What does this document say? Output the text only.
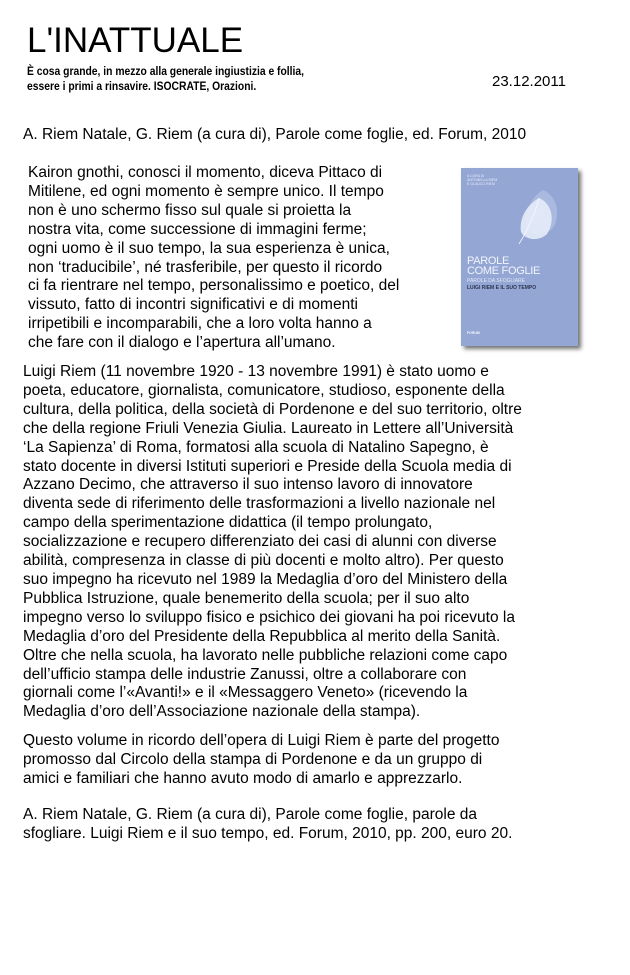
L'INATTUALE
È cosa grande, in mezzo alla generale ingiustizia e follia,
essere i primi a rinsavire. ISOCRATE, Orazioni.	23.12.2011
A. Riem Natale, G. Riem (a cura di), Parole come foglie, ed. Forum, 2010
Kairon gnothi, conosci il momento, diceva Pittaco di
Mitilene, ed ogni momento è sempre unico. Il tempo
non è uno schermo fisso sul quale si proietta la
nostra vita, come successione di immagini ferme;
ogni uomo è il suo tempo, la sua esperienza è unica,
non ‘traducibile’, né trasferibile, per questo il ricordo
ci fa rientrare nel tempo, personalissimo e poetico, del
vissuto, fatto di incontri significativi e di momenti
irripetibili e incomparabili, che a loro volta hanno a
che fare con il dialogo e l’apertura all’umano.
A CURA DI
ANTONELLA RIEM
E GLAUCO RIEM
PAROLE
COME FOGLIE
PAROLE DA SFOGLIARE
LUIGI RIEM E IL SUO TEMPO
FORUM
Luigi Riem (11 novembre 1920 - 13 novembre 1991) è stato uomo e
poeta, educatore, giornalista, comunicatore, studioso, esponente della
cultura, della politica, della società di Pordenone e del suo territorio, oltre
che della regione Friuli Venezia Giulia. Laureato in Lettere all’Università
‘La Sapienza’ di Roma, formatosi alla scuola di Natalino Sapegno, è
stato docente in diversi Istituti superiori e Preside della Scuola media di
Azzano Decimo, che attraverso il suo intenso lavoro di innovatore
diventa sede di riferimento delle trasformazioni a livello nazionale nel
campo della sperimentazione didattica (il tempo prolungato,
socializzazione e recupero differenziato dei casi di alunni con diverse
abilità, compresenza in classe di più docenti e molto altro). Per questo
suo impegno ha ricevuto nel 1989 la Medaglia d’oro del Ministero della
Pubblica Istruzione, quale benemerito della scuola; per il suo alto
impegno verso lo sviluppo fisico e psichico dei giovani ha poi ricevuto la
Medaglia d’oro del Presidente della Repubblica al merito della Sanità.
Oltre che nella scuola, ha lavorato nelle pubbliche relazioni come capo
dell’ufficio stampa delle industrie Zanussi, oltre a collaborare con
giornali come l’«Avanti!» e il «Messaggero Veneto» (ricevendo la
Medaglia d’oro dell’Associazione nazionale della stampa).
Questo volume in ricordo dell’opera di Luigi Riem è parte del progetto
promosso dal Circolo della stampa di Pordenone e da un gruppo di
amici e familiari che hanno avuto modo di amarlo e apprezzarlo.
A. Riem Natale, G. Riem (a cura di), Parole come foglie, parole da
sfogliare. Luigi Riem e il suo tempo, ed. Forum, 2010, pp. 200, euro 20.
